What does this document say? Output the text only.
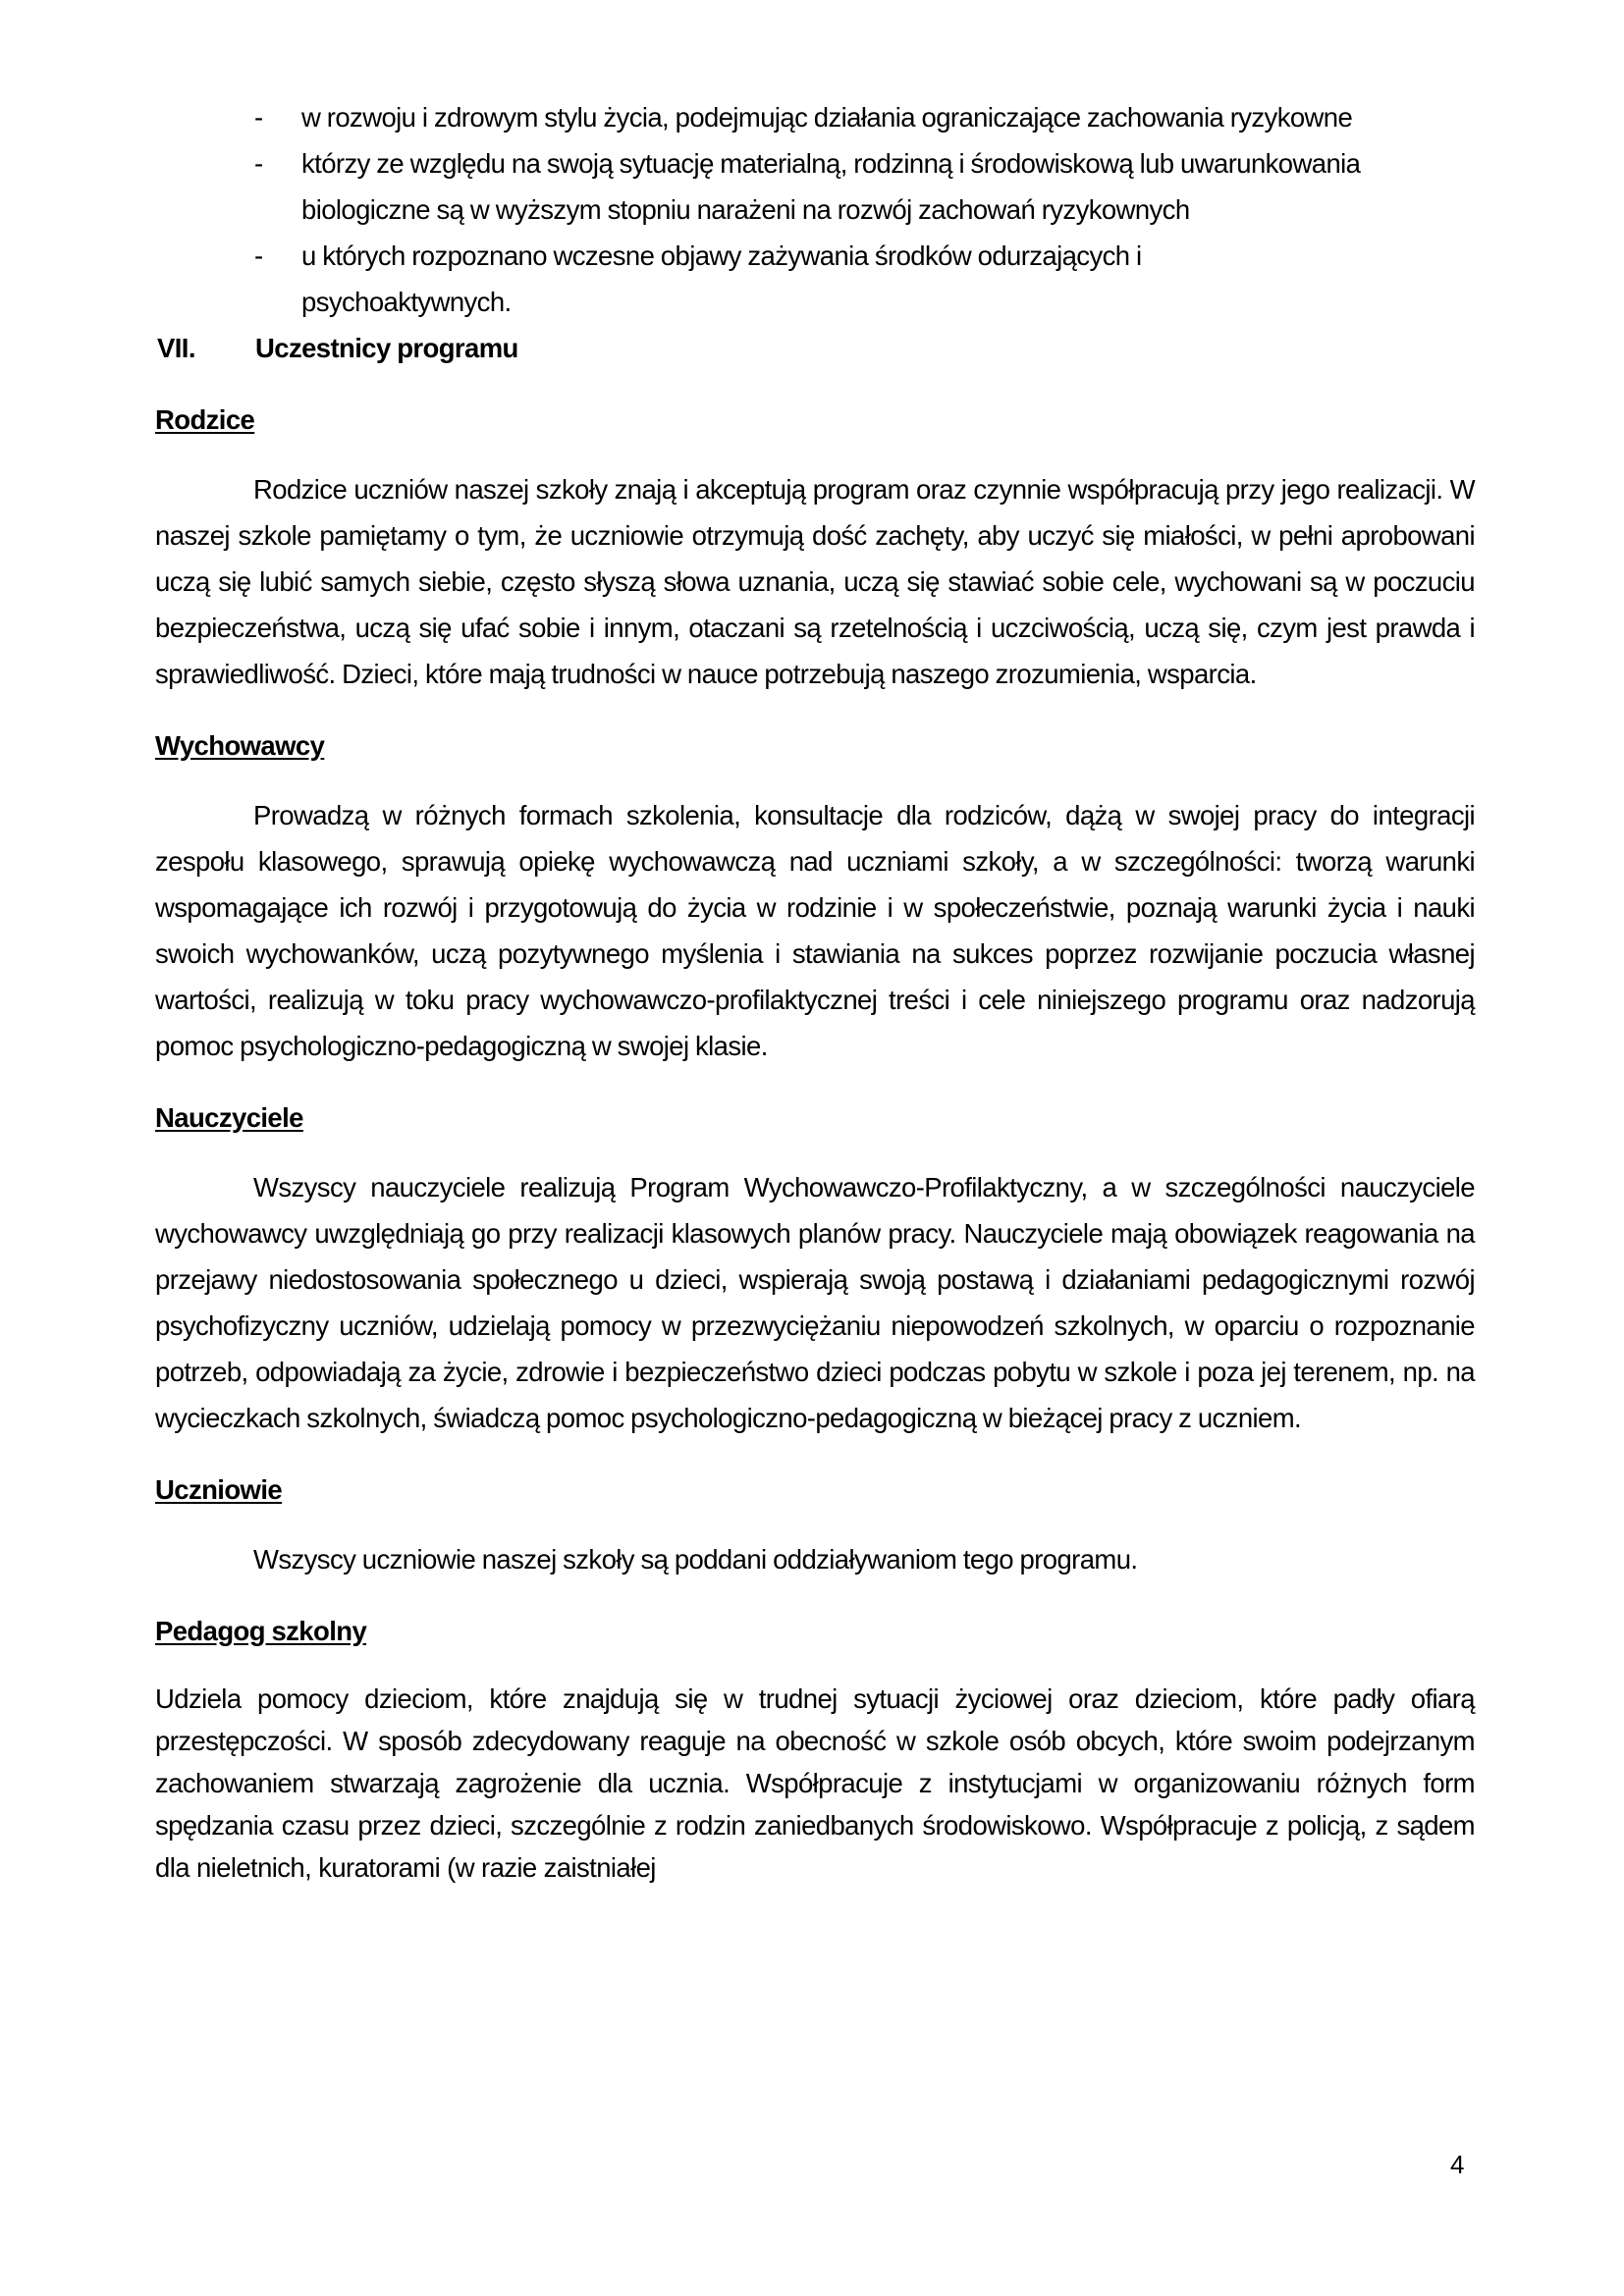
- w rozwoju i zdrowym stylu życia, podejmując działania ograniczające zachowania ryzykowne
- którzy ze względu na swoją sytuację materialną, rodzinną i środowiskową lub uwarunkowania biologiczne są w wyższym stopniu narażeni na rozwój zachowań ryzykownych
- u których rozpoznano wczesne objawy zażywania środków odurzających i psychoaktywnych.
VII.	Uczestnicy programu
Rodzice

Rodzice uczniów naszej szkoły znają i akceptują program oraz czynnie współpracują przy jego realizacji. W naszej szkole pamiętamy o tym, że uczniowie otrzymują dość zachęty, aby uczyć się miałości, w pełni aprobowani uczą się lubić samych siebie, często słyszą słowa uznania, uczą się stawiać sobie cele, wychowani są w poczuciu bezpieczeństwa, uczą się ufać sobie i innym, otaczani są rzetelnością i uczciwością, uczą się, czym jest prawda i sprawiedliwość. Dzieci, które mają trudności w nauce potrzebują naszego zrozumienia, wsparcia.

Wychowawcy

Prowadzą w różnych formach szkolenia, konsultacje dla rodziców, dążą w swojej pracy do integracji zespołu klasowego, sprawują opiekę wychowawczą nad uczniami szkoły, a w szczególności: tworzą warunki wspomagające ich rozwój i przygotowują do życia w rodzinie i w społeczeństwie, poznają warunki życia i nauki swoich wychowanków, uczą pozytywnego myślenia i stawiania na sukces poprzez rozwijanie poczucia własnej wartości, realizują w toku pracy wychowawczo-profilaktycznej treści i cele niniejszego programu oraz nadzorują pomoc psychologiczno-pedagogiczną w swojej klasie.

Nauczyciele

Wszyscy nauczyciele realizują Program Wychowawczo-Profilaktyczny, a w szczególności nauczyciele wychowawcy uwzględniają go przy realizacji klasowych planów pracy. Nauczyciele mają obowiązek reagowania na przejawy niedostosowania społecznego u dzieci, wspierają swoją postawą i działaniami pedagogicznymi rozwój psychofizyczny uczniów, udzielają pomocy w przezwyciężaniu niepowodzeń szkolnych, w oparciu o rozpoznanie potrzeb, odpowiadają za życie, zdrowie i bezpieczeństwo dzieci podczas pobytu w szkole i poza jej terenem, np. na wycieczkach szkolnych, świadczą pomoc psychologiczno-pedagogiczną w bieżącej pracy z uczniem.

Uczniowie

Wszyscy uczniowie naszej szkoły są poddani oddziaływaniom tego programu.

Pedagog szkolny

Udziela pomocy dzieciom, które znajdują się w trudnej sytuacji życiowej oraz dzieciom, które padły ofiarą przestępczości. W sposób zdecydowany reaguje na obecność w szkole osób obcych, które swoim podejrzanym zachowaniem stwarzają zagrożenie dla ucznia. Współpracuje z instytucjami w organizowaniu różnych form spędzania czasu przez dzieci, szczególnie z rodzin zaniedbanych środowiskowo. Współpracuje z policją, z sądem dla nieletnich, kuratorami (w razie zaistniałej

4
